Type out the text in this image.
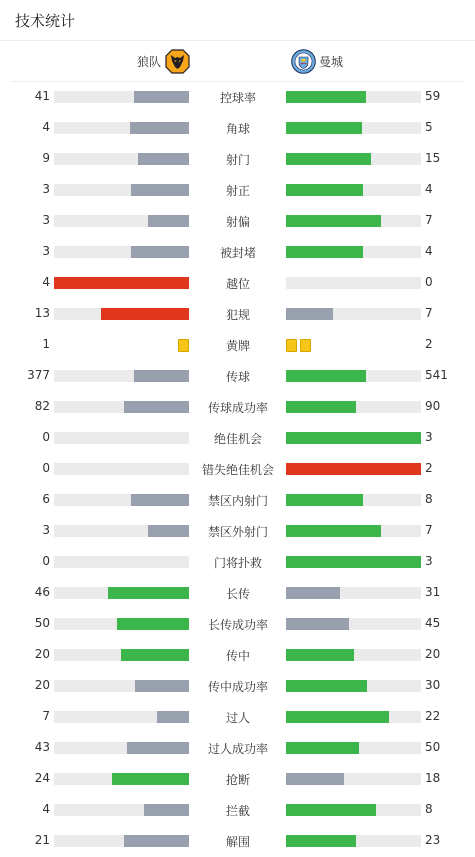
技术统计
狼队	曼城
41	控球率	59
4	角球	5
9	射门	15
3	射正	4
3	射偏	7
3	被封堵	4
4	越位	0
13	犯规	7
1	黄牌	2
377	传球	541
82	传球成功率	90
0	绝佳机会	3
0	错失绝佳机会	2
6	禁区内射门	8
3	禁区外射门	7
0	门将扑救	3
46	长传	31
50	长传成功率	45
20	传中	20
20	传中成功率	30
7	过人	22
43	过人成功率	50
24	抢断	18
4	拦截	8
21	解围	23
